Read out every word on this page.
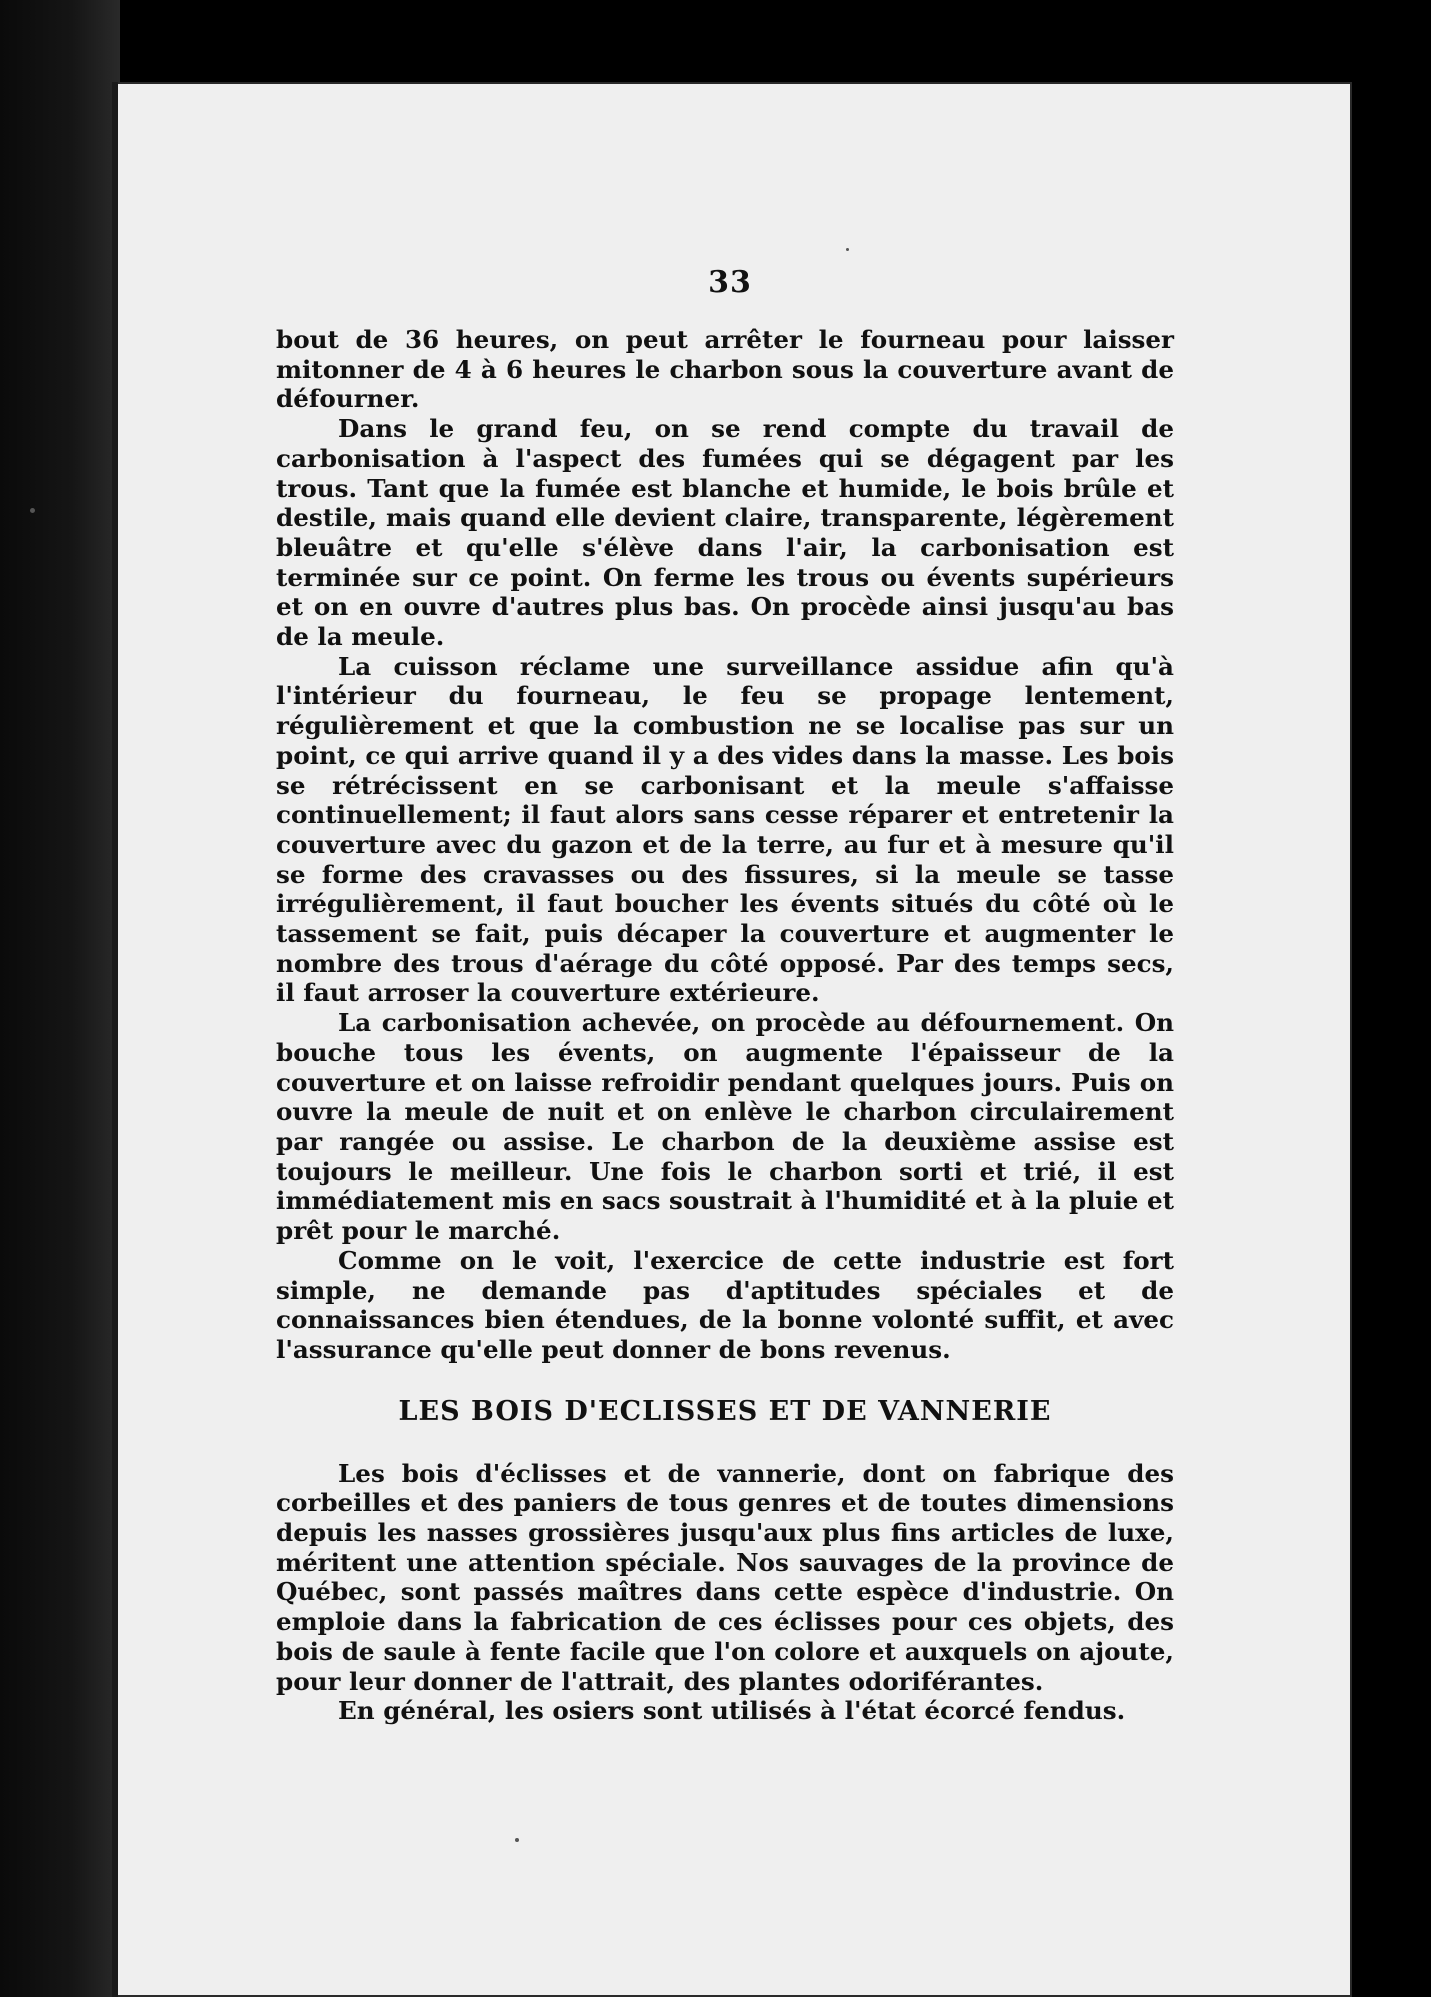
33

bout de 36 heures, on peut arrêter le fourneau pour laisser mitonner de 4 à 6 heures le charbon sous la couverture avant de défourner.

Dans le grand feu, on se rend compte du travail de carbonisation à l'aspect des fumées qui se dégagent par les trous. Tant que la fumée est blanche et humide, le bois brûle et destile, mais quand elle devient claire, transparente, légèrement bleuâtre et qu'elle s'élève dans l'air, la carbonisation est terminée sur ce point. On ferme les trous ou évents supérieurs et on en ouvre d'autres plus bas. On procède ainsi jusqu'au bas de la meule.

La cuisson réclame une surveillance assidue afin qu'à l'intérieur du fourneau, le feu se propage lentement, régulièrement et que la combustion ne se localise pas sur un point, ce qui arrive quand il y a des vides dans la masse. Les bois se rétrécissent en se carbonisant et la meule s'affaisse continuellement; il faut alors sans cesse réparer et entretenir la couverture avec du gazon et de la terre, au fur et à mesure qu'il se forme des cravasses ou des fissures, si la meule se tasse irrégulièrement, il faut boucher les évents situés du côté où le tassement se fait, puis décaper la couverture et augmenter le nombre des trous d'aérage du côté opposé. Par des temps secs, il faut arroser la couverture extérieure.

La carbonisation achevée, on procède au défournement. On bouche tous les évents, on augmente l'épaisseur de la couverture et on laisse refroidir pendant quelques jours. Puis on ouvre la meule de nuit et on enlève le charbon circulairement par rangée ou assise. Le charbon de la deuxième assise est toujours le meilleur. Une fois le charbon sorti et trié, il est immédiatement mis en sacs soustrait à l'humidité et à la pluie et prêt pour le marché.

Comme on le voit, l'exercice de cette industrie est fort simple, ne demande pas d'aptitudes spéciales et de connaissances bien étendues, de la bonne volonté suffit, et avec l'assurance qu'elle peut donner de bons revenus.

LES BOIS D'ECLISSES ET DE VANNERIE

Les bois d'éclisses et de vannerie, dont on fabrique des corbeilles et des paniers de tous genres et de toutes dimensions depuis les nasses grossières jusqu'aux plus fins articles de luxe, méritent une attention spéciale. Nos sauvages de la province de Québec, sont passés maîtres dans cette espèce d'industrie. On emploie dans la fabrication de ces éclisses pour ces objets, des bois de saule à fente facile que l'on colore et auxquels on ajoute, pour leur donner de l'attrait, des plantes odoriférantes.

En général, les osiers sont utilisés à l'état écorcé fendus.
